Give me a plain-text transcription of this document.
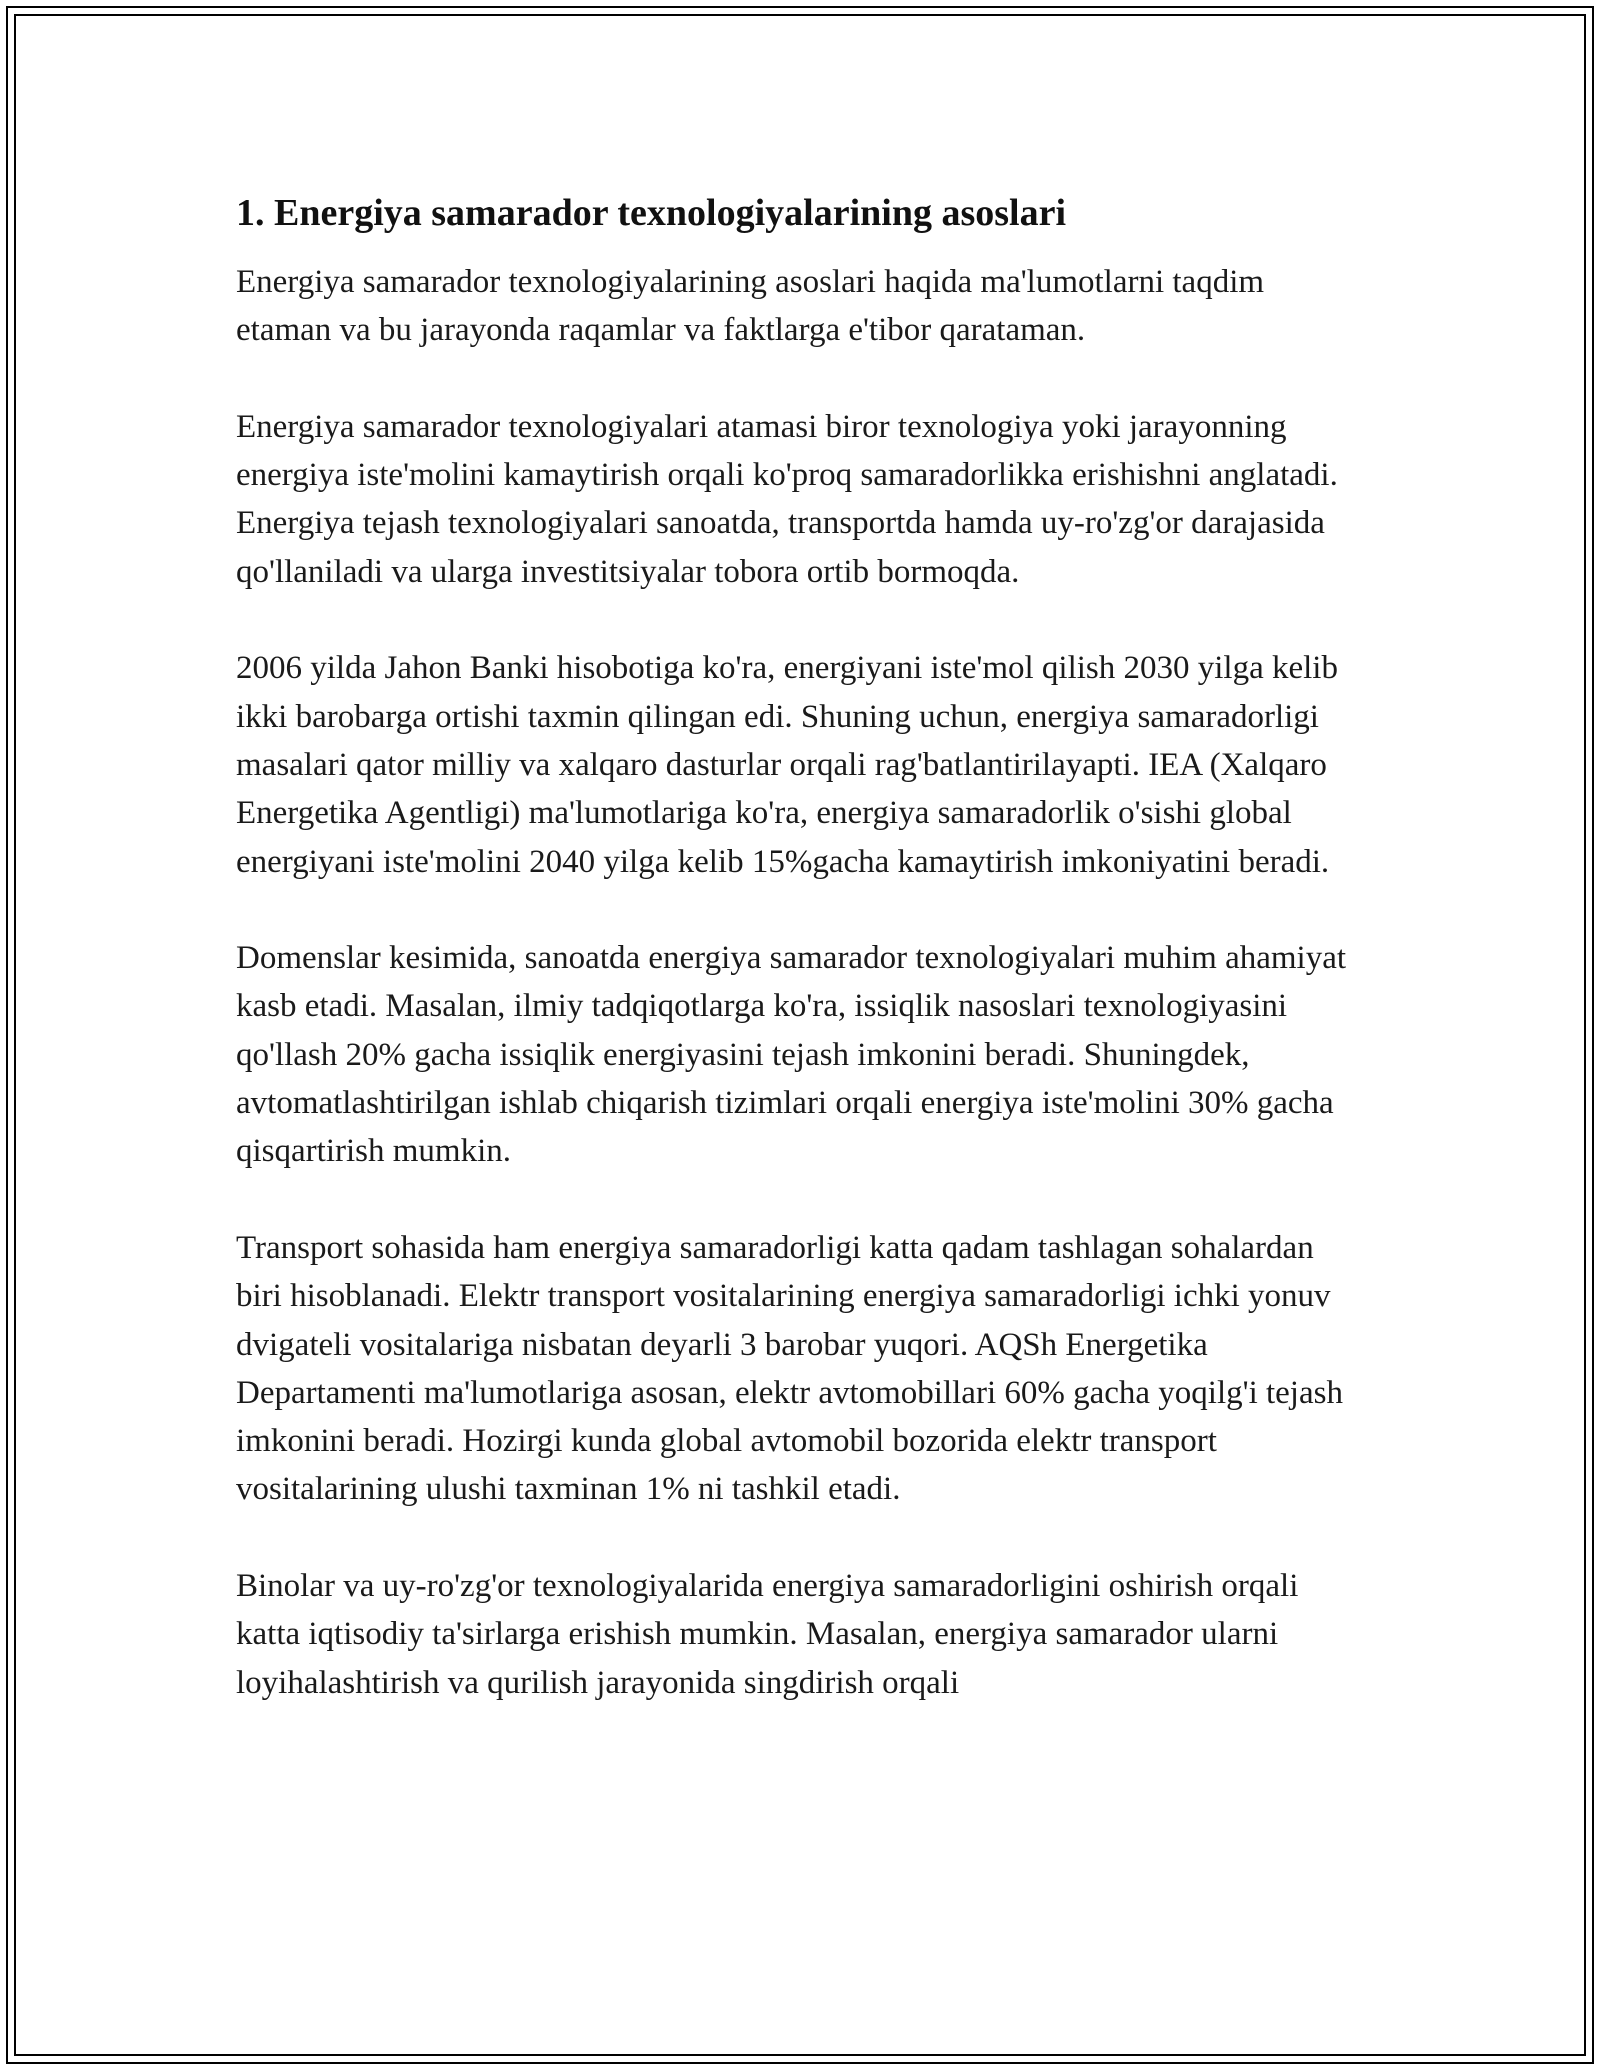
1. Energiya samarador texnologiyalarining asoslari

Energiya samarador texnologiyalarining asoslari haqida ma'lumotlarni taqdim etaman va bu jarayonda raqamlar va faktlarga e'tibor qarataman.

Energiya samarador texnologiyalari atamasi biror texnologiya yoki jarayonning energiya iste'molini kamaytirish orqali ko'proq samaradorlikka erishishni anglatadi. Energiya tejash texnologiyalari sanoatda, transportda hamda uy-ro'zg'or darajasida qo'llaniladi va ularga investitsiyalar tobora ortib bormoqda.

2006 yilda Jahon Banki hisobotiga ko'ra, energiyani iste'mol qilish 2030 yilga kelib ikki barobarga ortishi taxmin qilingan edi. Shuning uchun, energiya samaradorligi masalari qator milliy va xalqaro dasturlar orqali rag'batlantirilayapti. IEA (Xalqaro Energetika Agentligi) ma'lumotlariga ko'ra, energiya samaradorlik o'sishi global energiyani iste'molini 2040 yilga kelib 15%gacha kamaytirish imkoniyatini beradi.

Domenslar kesimida, sanoatda energiya samarador texnologiyalari muhim ahamiyat kasb etadi. Masalan, ilmiy tadqiqotlarga ko'ra, issiqlik nasoslari texnologiyasini qo'llash 20% gacha issiqlik energiyasini tejash imkonini beradi. Shuningdek, avtomatlashtirilgan ishlab chiqarish tizimlari orqali energiya iste'molini 30% gacha qisqartirish mumkin.

Transport sohasida ham energiya samaradorligi katta qadam tashlagan sohalardan biri hisoblanadi. Elektr transport vositalarining energiya samaradorligi ichki yonuv dvigateli vositalariga nisbatan deyarli 3 barobar yuqori. AQSh Energetika Departamenti ma'lumotlariga asosan, elektr avtomobillari 60% gacha yoqilg'i tejash imkonini beradi. Hozirgi kunda global avtomobil bozorida elektr transport vositalarining ulushi taxminan 1% ni tashkil etadi.

Binolar va uy-ro'zg'or texnologiyalarida energiya samaradorligini oshirish orqali katta iqtisodiy ta'sirlarga erishish mumkin. Masalan, energiya samarador ularni loyihalashtirish va qurilish jarayonida singdirish orqali
